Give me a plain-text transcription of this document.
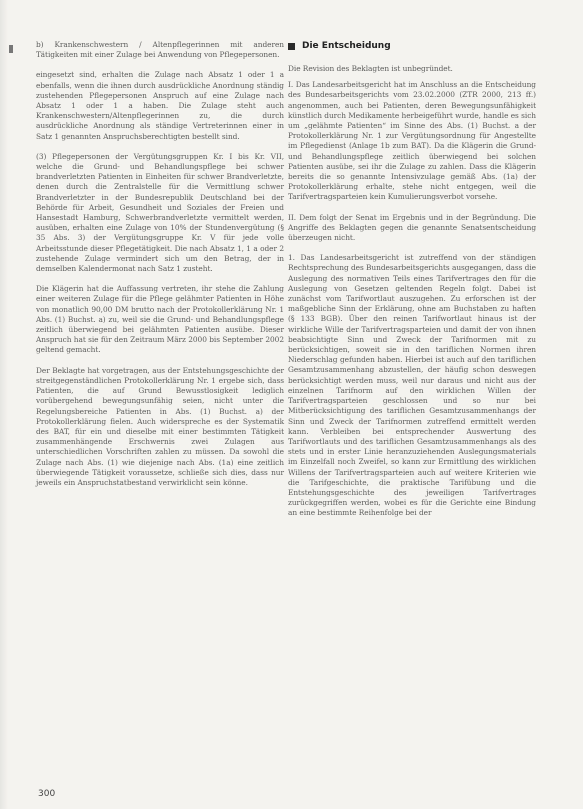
b) Krankenschwestern / Altenpflegerinnen mit anderen Tätigkeiten mit einer Zulage bei Anwendung von Pflegepersonen.

eingesetzt sind, erhalten die Zulage nach Absatz 1 oder 1 a ebenfalls, wenn die ihnen durch ausdrückliche Anordnung ständig zustehenden Pflegepersonen Anspruch auf eine Zulage nach Absatz 1 oder 1 a haben. Die Zulage steht auch Krankenschwestern/Altenpflegerinnen zu, die durch ausdrückliche Anordnung als ständige Vertreterinnen einer in Satz 1 genannten Anspruchsberechtigten bestellt sind.

(3) Pflegepersonen der Vergütungsgruppen Kr. I bis Kr. VII, welche die Grund- und Behandlungspflege bei schwer brandverletzten Patienten in Einheiten für schwer Brandverletzte, denen durch die Zentralstelle für die Vermittlung schwer Brandverletzter in der Bundesrepublik Deutschland bei der Behörde für Arbeit, Gesundheit und Soziales der Freien und Hansestadt Hamburg, Schwerbrandverletzte vermittelt werden, ausüben, erhalten eine Zulage von 10% der Stundenvergütung (§ 35 Abs. 3) der Vergütungsgruppe Kr. V für jede volle Arbeitsstunde dieser Pflegetätigkeit. Die nach Absatz 1, 1 a oder 2 zustehende Zulage vermindert sich um den Betrag, der in demselben Kalendermonat nach Satz 1 zusteht.

Die Klägerin hat die Auffassung vertreten, ihr stehe die Zahlung einer weiteren Zulage für die Pflege gelähmter Patienten in Höhe von monatlich 90,00 DM brutto nach der Protokollerklärung Nr. 1 Abs. (1) Buchst. a) zu, weil sie die Grund- und Behandlungspflege zeitlich überwiegend bei gelähmten Patienten ausübe. Dieser Anspruch hat sie für den Zeitraum März 2000 bis September 2002 geltend gemacht.

Der Beklagte hat vorgetragen, aus der Entstehungsgeschichte der streitgegenständlichen Protokollerklärung Nr. 1 ergebe sich, dass Patienten, die auf Grund Bewusstlosigkeit lediglich vorübergehend bewegungsunfähig seien, nicht unter die Regelungsbereiche Patienten in Abs. (1) Buchst. a) der Protokollerklärung fielen. Auch widerspreche es der Systematik des BAT, für ein und dieselbe mit einer bestimmten Tätigkeit zusammenhängende Erschwernis zwei Zulagen aus unterschiedlichen Vorschriften zahlen zu müssen. Da sowohl die Zulage nach Abs. (1) wie diejenige nach Abs. (1a) eine zeitlich überwiegende Tätigkeit voraussetze, schließe sich dies, dass nur jeweils ein Anspruchstatbestand verwirklicht sein könne.

Die Entscheidung

Die Revision des Beklagten ist unbegründet.

I. Das Landesarbeitsgericht hat im Anschluss an die Entscheidung des Bundesarbeitsgerichts vom 23.02.2000 (ZTR 2000, 213 ff.) angenommen, auch bei Patienten, deren Bewegungsunfähigkeit künstlich durch Medikamente herbeigeführt wurde, handle es sich um „gelähmte Patienten“ im Sinne des Abs. (1) Buchst. a der Protokollerklärung Nr. 1 zur Vergütungsordnung für Angestellte im Pflegedienst (Anlage 1b zum BAT). Da die Klägerin die Grund- und Behandlungspflege zeitlich überwiegend bei solchen Patienten ausübe, sei ihr die Zulage zu zahlen. Dass die Klägerin bereits die so genannte Intensivzulage gemäß Abs. (1a) der Protokollerklärung erhalte, stehe nicht entgegen, weil die Tarifvertragsparteien kein Kumulierungsverbot vorsehe.

II. Dem folgt der Senat im Ergebnis und in der Begründung. Die Angriffe des Beklagten gegen die genannte Senatsentscheidung überzeugen nicht.

1. Das Landesarbeitsgericht ist zutreffend von der ständigen Rechtsprechung des Bundesarbeitsgerichts ausgegangen, dass die Auslegung des normativen Teils eines Tarifvertrages den für die Auslegung von Gesetzen geltenden Regeln folgt. Dabei ist zunächst vom Tarifwortlaut auszugehen. Zu erforschen ist der maßgebliche Sinn der Erklärung, ohne am Buchstaben zu haften (§ 133 BGB). Über den reinen Tarifwortlaut hinaus ist der wirkliche Wille der Tarifvertragsparteien und damit der von ihnen beabsichtigte Sinn und Zweck der Tarifnormen mit zu berücksichtigen, soweit sie in den tariflichen Normen ihren Niederschlag gefunden haben. Hierbei ist auch auf den tariflichen Gesamtzusammenhang abzustellen, der häufig schon deswegen berücksichtigt werden muss, weil nur daraus und nicht aus der einzelnen Tarifnorm auf den wirklichen Willen der Tarifvertragsparteien geschlossen und so nur bei Mitberücksichtigung des tariflichen Gesamtzusammenhangs der Sinn und Zweck der Tarifnormen zutreffend ermittelt werden kann. Verbleiben bei entsprechender Auswertung des Tarifwortlauts und des tariflichen Gesamtzusammenhangs als des stets und in erster Linie heranzuziehenden Auslegungsmaterials im Einzelfall noch Zweifel, so kann zur Ermittlung des wirklichen Willens der Tarifvertragsparteien auch auf weitere Kriterien wie die Tarifgeschichte, die praktische Tarifübung und die Entstehungsgeschichte des jeweiligen Tarifvertrages zurückgegriffen werden, wobei es für die Gerichte eine Bindung an eine bestimmte Reihenfolge bei der

300
